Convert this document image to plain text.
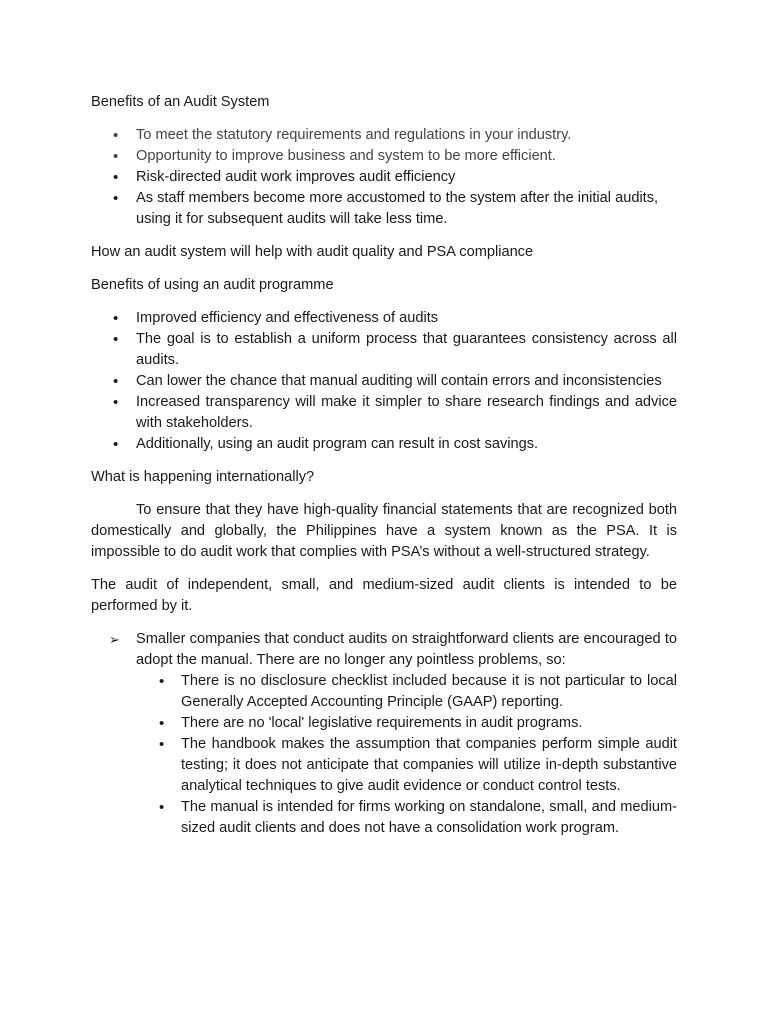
Benefits of an Audit System

• To meet the statutory requirements and regulations in your industry.
• Opportunity to improve business and system to be more efficient.
• Risk-directed audit work improves audit efficiency
• As staff members become more accustomed to the system after the initial audits, using it for subsequent audits will take less time.

How an audit system will help with audit quality and PSA compliance

Benefits of using an audit programme

• Improved efficiency and effectiveness of audits
• The goal is to establish a uniform process that guarantees consistency across all audits.
• Can lower the chance that manual auditing will contain errors and inconsistencies
• Increased transparency will make it simpler to share research findings and advice with stakeholders.
• Additionally, using an audit program can result in cost savings.

What is happening internationally?

To ensure that they have high-quality financial statements that are recognized both domestically and globally, the Philippines have a system known as the PSA. It is impossible to do audit work that complies with PSA’s without a well-structured strategy.

The audit of independent, small, and medium-sized audit clients is intended to be performed by it.

➢ Smaller companies that conduct audits on straightforward clients are encouraged to adopt the manual. There are no longer any pointless problems, so:
• There is no disclosure checklist included because it is not particular to local Generally Accepted Accounting Principle (GAAP) reporting.
• There are no 'local' legislative requirements in audit programs.
• The handbook makes the assumption that companies perform simple audit testing; it does not anticipate that companies will utilize in-depth substantive analytical techniques to give audit evidence or conduct control tests.
• The manual is intended for firms working on standalone, small, and medium-sized audit clients and does not have a consolidation work program.
